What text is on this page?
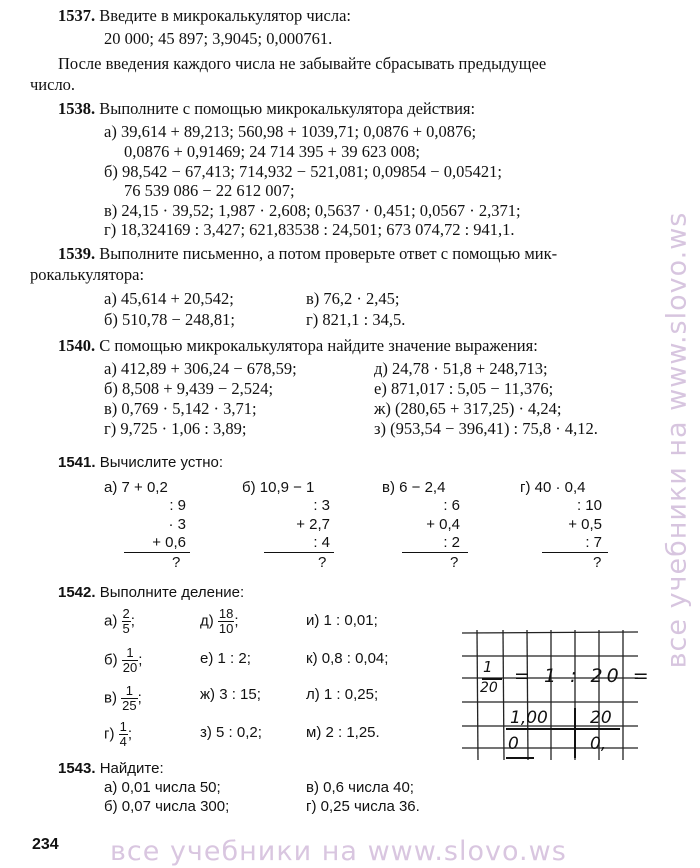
1537. Введите в микрокалькулятор числа:
20 000; 45 897; 3,9045; 0,000761.
После введения каждого числа не забывайте сбрасывать предыдущее
число.
1538. Выполните с помощью микрокалькулятора действия:
а) 39,614 + 89,213; 560,98 + 1039,71; 0,0876 + 0,0876;
0,0876 + 0,91469; 24 714 395 + 39 623 008;
б) 98,542 − 67,413; 714,932 − 521,081; 0,09854 − 0,05421;
76 539 086 − 22 612 007;
в) 24,15 · 39,52; 1,987 · 2,608; 0,5637 · 0,451; 0,0567 · 2,371;
г) 18,324169 : 3,427; 621,83538 : 24,501; 673 074,72 : 941,1.
1539. Выполните письменно, а потом проверьте ответ с помощью мик-
рокалькулятора:
а) 45,614 + 20,542;	в) 76,2 · 2,45;
б) 510,78 − 248,81;	г) 821,1 : 34,5.
1540. С помощью микрокалькулятора найдите значение выражения:
а) 412,89 + 306,24 − 678,59;
б) 8,508 + 9,439 − 2,524;
в) 0,769 · 5,142 · 3,71;
г) 9,725 · 1,06 : 3,89;
д) 24,78 · 51,8 + 248,713;
е) 871,017 : 5,05 − 11,376;
ж) (280,65 + 317,25) · 4,24;
з) (953,54 − 396,41) : 75,8 · 4,12.
1541. Вычислите устно:
а) 7 + 0,2
: 9
· 3
+ 0,6
?
б) 10,9 − 1
: 3
+ 2,7
: 4
?
в) 6 − 2,4
: 6
+ 0,4
: 2
?
г) 40 · 0,4
: 10
+ 0,5
: 7
?
1542. Выполните деление:
$а) \frac{2}{5}$ ;
$б) \frac{1}{20}$ ;
$в) \frac{1}{25}$ ;
$г) \frac{1}{4}$ ;
$д) \frac{18}{10}$ ;
е) 1 : 2;
ж) 3 : 15;
з) 5 : 0,2;
и) 1 : 0,01;
к) 0,8 : 0,04;
л) 1 : 0,25;
м) 2 : 1,25.
1
20
= 1 : 20 =
1,00 20
0	0,
1543. Найдите:
а) 0,01 числа 50;	в) 0,6 числа 40;
б) 0,07 числа 300;	г) 0,25 числа 36.
234 все учебники на www.slovo.ws
все учебники на www.slovo.ws
